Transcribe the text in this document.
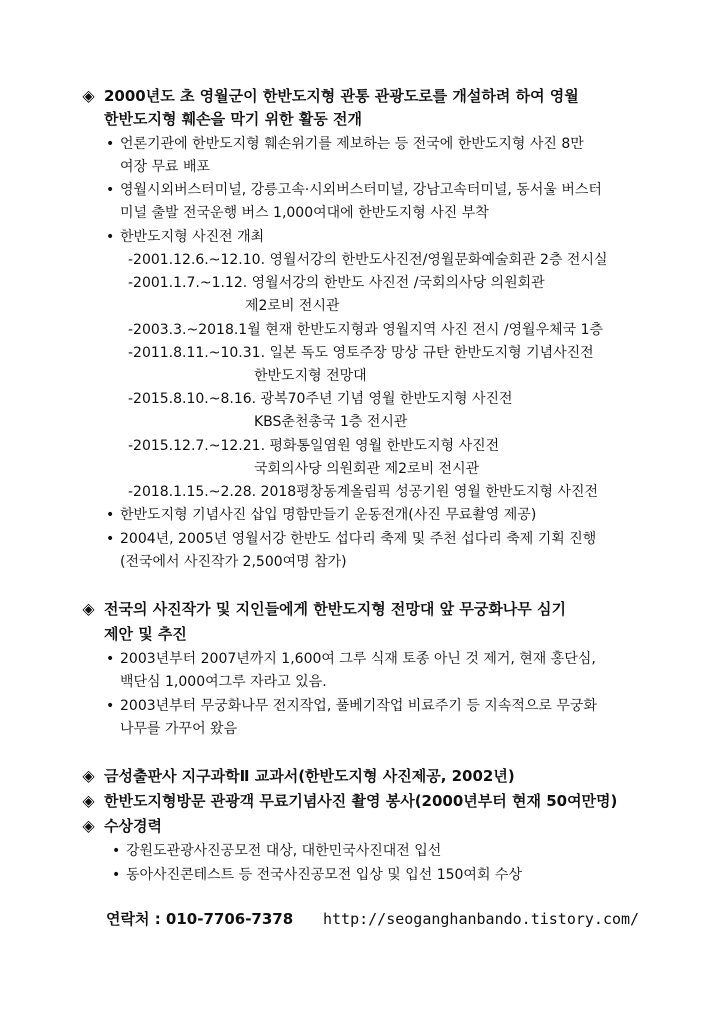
◈ 2000년도 초 영월군이 한반도지형 관통 관광도로를 개설하려 하여 영월
한반도지형 훼손을 막기 위한 활동 전개
• 언론기관에 한반도지형 훼손위기를 제보하는 등 전국에 한반도지형 사진 8만
여장 무료 배포
• 영월시외버스터미널, 강릉고속·시외버스터미널, 강남고속터미널, 동서울 버스터
미널 출발 전국운행 버스 1,000여대에 한반도지형 사진 부착
• 한반도지형 사진전 개최
-2001.12.6.~12.10. 영월서강의 한반도사진전/영월문화예술회관 2층 전시실
-2001.1.7.~1.12. 영월서강의 한반도 사진전 /국회의사당 의원회관
제2로비 전시관
-2003.3.~2018.1월 현재 한반도지형과 영월지역 사진 전시 /영월우체국 1층
-2011.8.11.~10.31. 일본 독도 영토주장 망상 규탄 한반도지형 기념사진전
한반도지형 전망대
-2015.8.10.~8.16. 광복70주년 기념 영월 한반도지형 사진전
KBS춘천총국 1층 전시관
-2015.12.7.~12.21. 평화통일염원 영월 한반도지형 사진전
국회의사당 의원회관 제2로비 전시관
-2018.1.15.~2.28. 2018평창동계올림픽 성공기원 영월 한반도지형 사진전
• 한반도지형 기념사진 삽입 명함만들기 운동전개(사진 무료촬영 제공)
• 2004년, 2005년 영월서강 한반도 섭다리 축제 및 주천 섭다리 축제 기획 진행
(전국에서 사진작가 2,500여명 참가)
◈ 전국의 사진작가 및 지인들에게 한반도지형 전망대 앞 무궁화나무 심기
제안 및 추진
• 2003년부터 2007년까지 1,600여 그루 식재 토종 아닌 것 제거, 현재 홍단심,
백단심 1,000여그루 자라고 있음.
• 2003년부터 무궁화나무 전지작업, 풀베기작업 비료주기 등 지속적으로 무궁화
나무를 가꾸어 왔음
◈ 금성출판사 지구과학Ⅱ 교과서(한반도지형 사진제공, 2002년)
◈ 한반도지형방문 관광객 무료기념사진 촬영 봉사(2000년부터 현재 50여만명)
◈ 수상경력
• 강원도관광사진공모전 대상, 대한민국사진대전 입선
• 동아사진콘테스트 등 전국사진공모전 입상 및 입선 150여회 수상
연락처 : 010-7706-7378 http://seoganghanbando.tistory.com/
